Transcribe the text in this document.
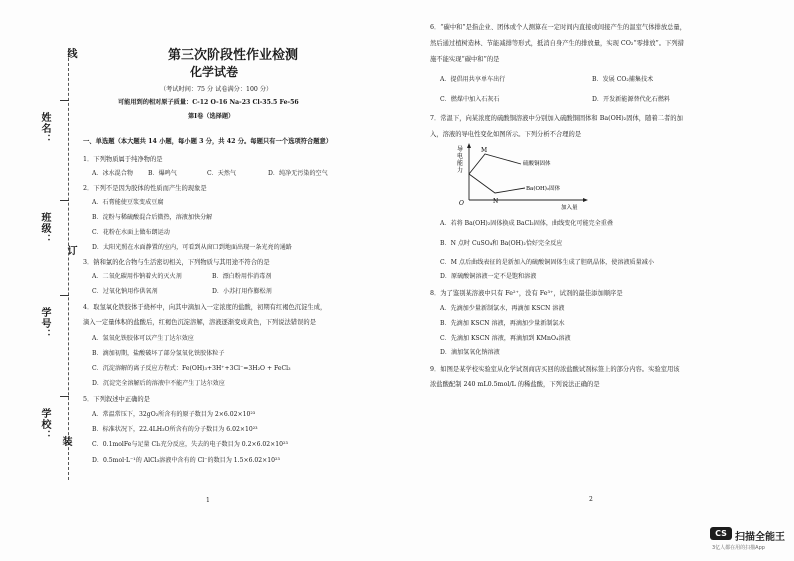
线
订
装
姓名：
班级：
学号：
学校：
第三次阶段性作业检测
化学试卷
（考试时间：75 分 试卷满分：100 分）
可能用到的相对原子质量：C-12 O-16 Na-23 Cl-35.5 Fe-56
第Ⅰ卷（选择题）
一、单选题（本大题共 14 小题，每小题 3 分，共 42 分。每题只有一个选项符合题意）
1．下列物质属于纯净物的是
A．冰水混合物 B．爆鸣气	C．天然气	D．纯净无污染的空气
2．下列不是因为胶体的性质而产生的现象是
A．石膏能使豆浆变成豆腐
B．淀粉与稀硫酸混合后微热，溶液加快分解
C．花粉在水面上做布朗运动
D．太阳光照在水面静置的室内，可看到从窗口到地面出现一条光亮的通路
3．钠和氯的化合物与生活密切相关，下列物质与其用途不符合的是
A．二氧化碳用作钠着火的灭火剂	B．漂白粉用作消毒剂
C．过氧化钠用作供氧剂	D．小苏打用作膨松剂
4．取氢氧化铁胶体于烧杯中，向其中滴加入一定浓度的盐酸，初期有红褐色沉淀生成，
滴入一定量体积的盐酸后，红褐色沉淀溶解，溶液逐渐变成黄色，下列说法错误的是
A．氢氧化铁胶体可以产生丁达尔效应
B．滴加初期，盐酸破坏了部分氢氧化铁胶体粒子
C．沉淀溶解的离子反应方程式：Fe(OH)₃+3H⁺+3Cl⁻=3H₂O + FeCl₃
D．沉淀完全溶解后的溶液中不能产生丁达尔效应
5．下列叙述中正确的是
A．常温常压下，32gO₂所含有的原子数目为 2×6.02×10²³
B．标准状况下，22.4LH₂O所含有的分子数目为 6.02×10²³
C．0.1molFe与足量 Cl₂充分反应，失去的电子数目为 0.2×6.02×10²³
D．0.5mol·L⁻¹的 AlCl₃溶液中含有的 Cl⁻的数目为 1.5×6.02×10²³
1
6．“碳中和”是指企业、团体或个人测算在一定时间内直接或间接产生的温室气体排放总量，
然后通过植树造林、节能减排等形式，抵消自身产生的排放量，实现 CO₂“零排放”。下列措
施不能实现“碳中和”的是
A．提倡用共享单车出行	B．发展 CO₂捕集技术
C．燃煤中加入石灰石	D．开发新能源替代化石燃料
7．常温下，向某浓度的硫酸铜溶液中分别加入硫酸铜固体和 Ba(OH)₂固体，随着二者的加
入，溶液的导电性变化如图所示。下列分析不合理的是
导
电
能
力
M
N
O
硫酸铜固体
Ba(OH)₂固体
加入量
A．若将 Ba(OH)₂固体换成 BaCl₂固体，曲线变化可能完全重叠
B．N 点时 CuSO₄和 Ba(OH)₂恰好完全反应
C．M 点后曲线表征的是新加入的硫酸铜固体生成了胆矾晶体，使溶液质量减小
D．原硫酸铜溶液一定不是饱和溶液
8．为了鉴别某溶液中只有 Fe²⁺，没有 Fe³⁺，试剂的最佳添加顺序是
A．先滴加少量新制氯水，再滴加 KSCN 溶液
B．先滴加 KSCN 溶液，再滴加少量新制氯水
C．先滴加 KSCN 溶液，再滴加到 KMnO₄溶液
D．滴加氢氧化钠溶液
9．如图是某学校实验室从化学试剂商店买回的浓盐酸试剂标签上的部分内容。实验室用该
浓盐酸配制 240 mL0.5mol/L 的稀盐酸，下列说法正确的是
2
CS 扫描全能王
3亿人都在用的扫描App
